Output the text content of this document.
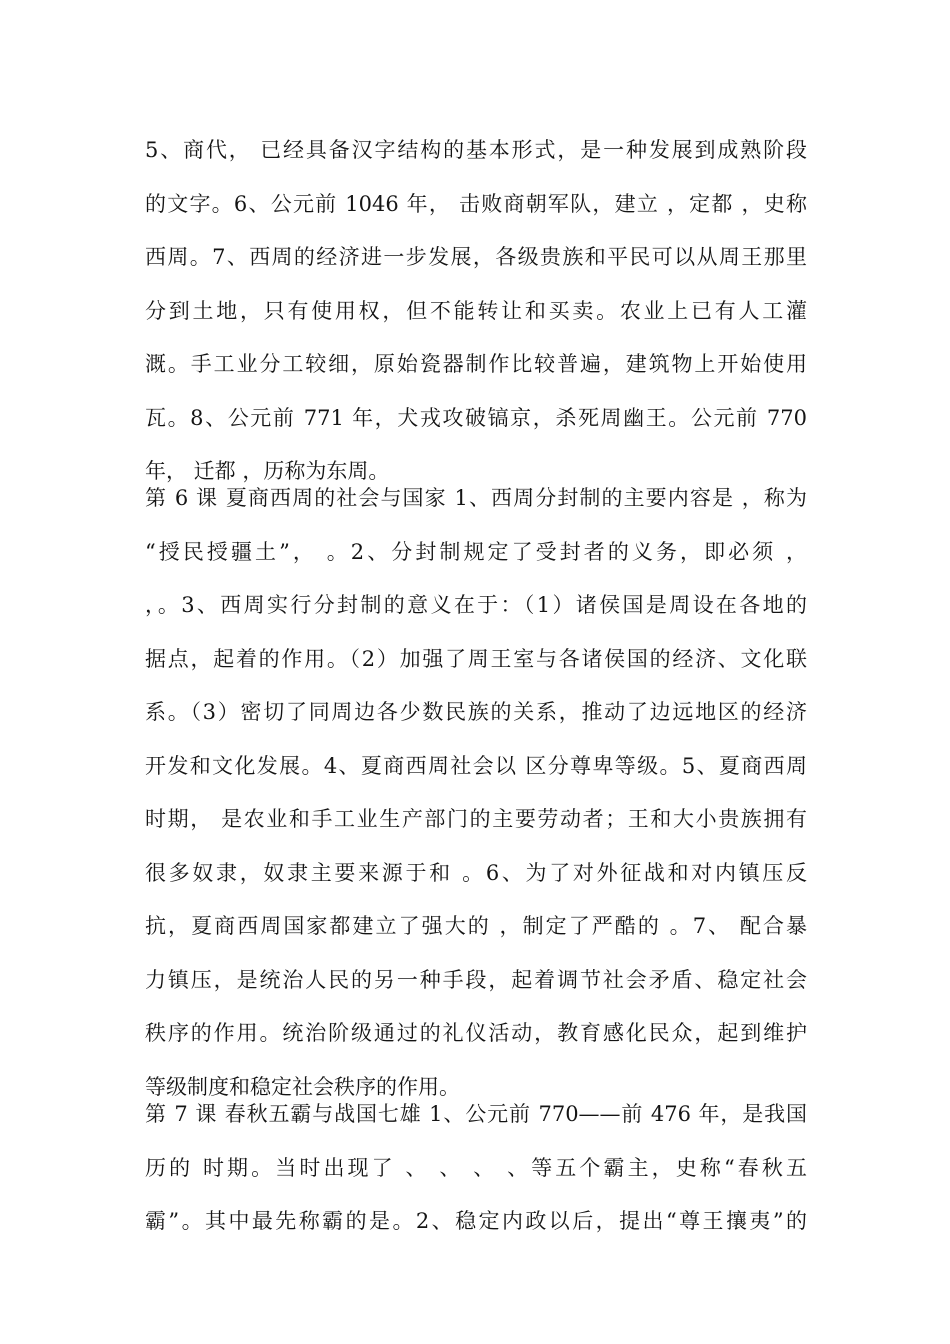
5、商代， 已经具备汉字结构的基本形式，是一种发展到成熟阶段
的文字。6、公元前 1046 年， 击败商朝军队，建立 ，定都 ，史称
西周。7、西周的经济进一步发展，各级贵族和平民可以从周王那里
分到土地，只有使用权，但不能转让和买卖。农业上已有人工灌
溉。手工业分工较细，原始瓷器制作比较普遍，建筑物上开始使用
瓦。8、公元前 771 年，犬戎攻破镐京，杀死周幽王。公元前 770
年， 迁都 ，历称为东周。
第 6 课 夏商西周的社会与国家 1、西周分封制的主要内容是 ，称为
“授民授疆土”， 。2、分封制规定了受封者的义务，即必须 ，
，。3、西周实行分封制的意义在于：（1）诸侯国是周设在各地的
据点，起着的作用。（2）加强了周王室与各诸侯国的经济、文化联
系。（3）密切了同周边各少数民族的关系，推动了边远地区的经济
开发和文化发展。4、夏商西周社会以 区分尊卑等级。5、夏商西周
时期， 是农业和手工业生产部门的主要劳动者；王和大小贵族拥有
很多奴隶，奴隶主要来源于和 。6、为了对外征战和对内镇压反
抗，夏商西周国家都建立了强大的 ，制定了严酷的 。7、 配合暴
力镇压，是统治人民的另一种手段，起着调节社会矛盾、稳定社会
秩序的作用。统治阶级通过的礼仪活动，教育感化民众，起到维护
等级制度和稳定社会秩序的作用。
第 7 课 春秋五霸与战国七雄 1、公元前 770——前 476 年，是我国
历的 时期。当时出现了 、 、 、 、等五个霸主，史称“春秋五
霸”。其中最先称霸的是。2、稳定内政以后，提出“尊王攘夷”的
